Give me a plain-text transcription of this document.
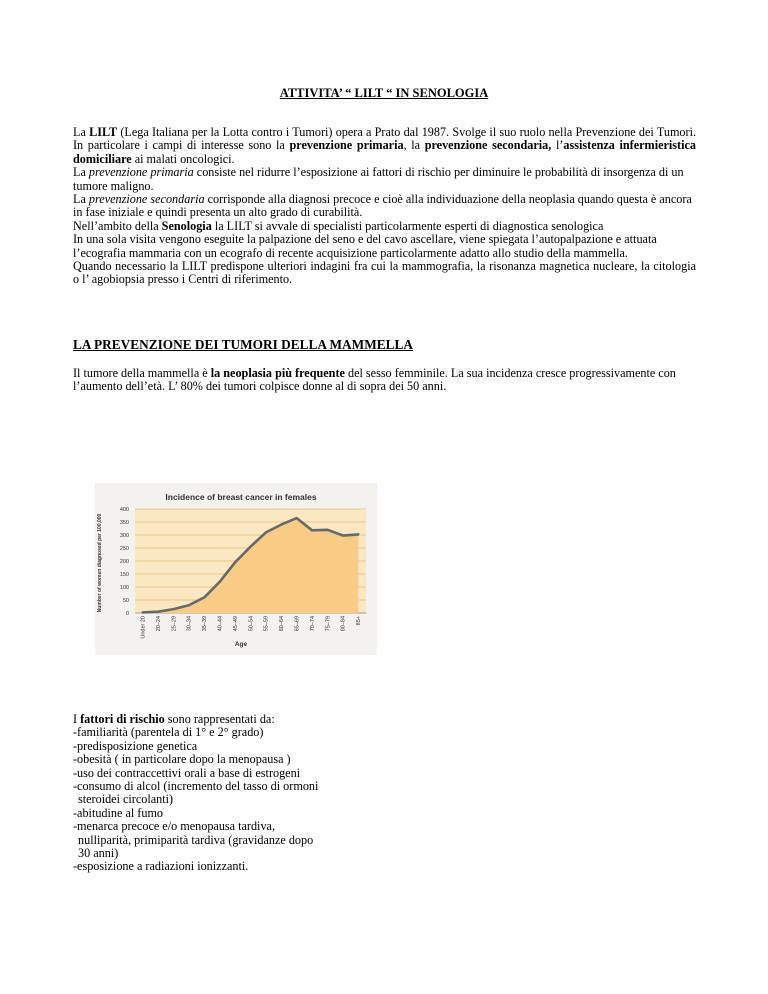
ATTIVITA’ “ LILT “ IN SENOLOGIA

La LILT (Lega Italiana per la Lotta contro i Tumori) opera a Prato dal 1987. Svolge il suo ruolo nella Prevenzione dei Tumori. In particolare i campi di interesse sono la prevenzione primaria, la prevenzione secondaria, l’assistenza infermieristica domiciliare ai malati oncologici.

La prevenzione primaria consiste nel ridurre l’esposizione ai fattori di rischio per diminuire le probabilità di insorgenza di un tumore maligno.

La prevenzione secondaria corrisponde alla diagnosi precoce e cioè alla individuazione della neoplasia quando questa è ancora in fase iniziale e quindi presenta un alto grado di curabilità.

Nell’ambito della Senologia la LILT si avvale di specialisti particolarmente esperti di diagnostica senologica

In una sola visita vengono eseguite la palpazione del seno e del cavo ascellare, viene spiegata l’autopalpazione e attuata l’ecografia mammaria con un ecografo di recente acquisizione particolarmente adatto allo studio della mammella.

Quando necessario la LILT predispone ulteriori indagini fra cui la mammografia, la risonanza magnetica nucleare, la citologia o l’ agobiopsia presso i Centri di riferimento.

LA PREVENZIONE DEI TUMORI DELLA MAMMELLA

Il tumore della mammella è la neoplasia più frequente del sesso femminile. La sua incidenza cresce progressivamente con l’aumento dell’età. L’ 80% dei tumori colpisce donne al di sopra dei 50 anni.

Incidence of breast cancer in females
Number of women diagnosed per 100,000
Age
0
50
100
150
200
250
300
350
400
Under 20 20–24 25–29 30–34 35–39 40–44 45–49 50–54 55–59 60–64 65–69 70–74 75–79 80–84 85+

I fattori di rischio sono rappresentati da:

-familiarità (parentela di 1° e 2° grado)

-predisposizione genetica

-obesità ( in particolare dopo la menopausa )

-uso dei contraccettivi orali a base di estrogeni

-consumo di alcol (incremento del tasso di ormoni

steroidei circolanti)

-abitudine al fumo

-menarca precoce e/o menopausa tardiva,

nulliparità, primiparità tardiva (gravidanze dopo

30 anni)

-esposizione a radiazioni ionizzanti.
